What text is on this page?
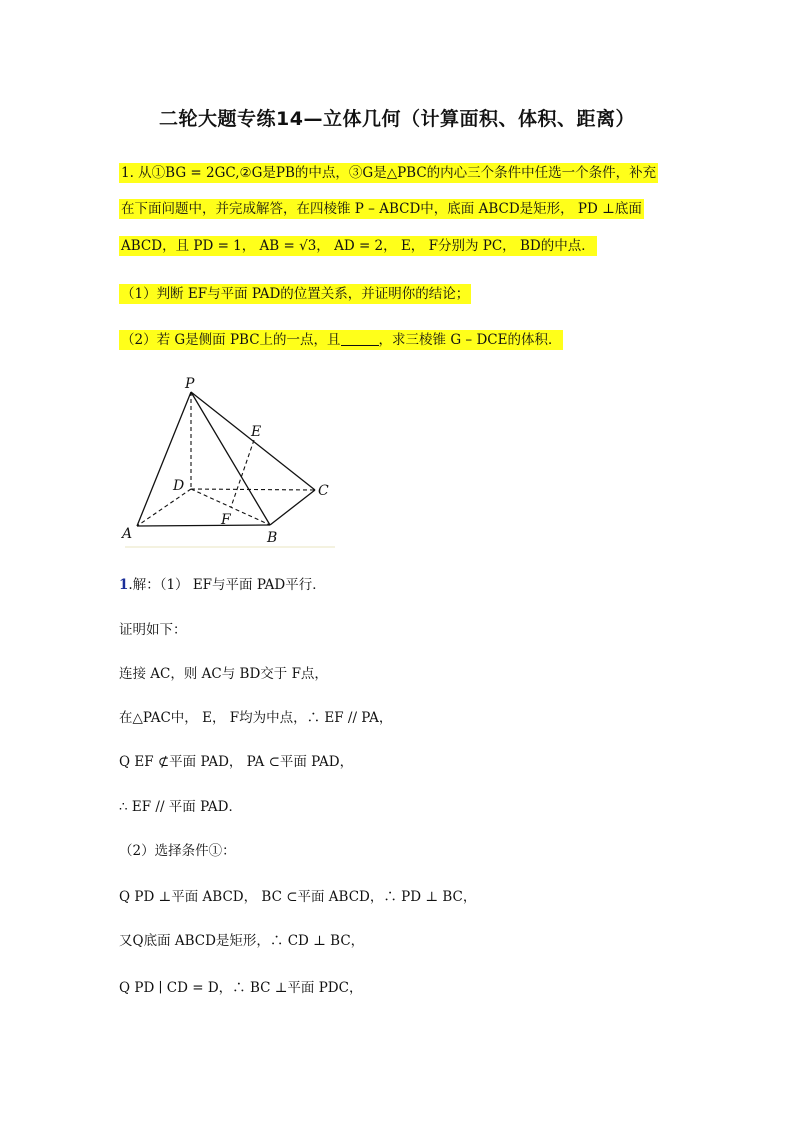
二轮大题专练14—立体几何（计算面积、体积、距离）
1. 从①BG = 2GC,②G是PB的中点，③G是△PBC的内心三个条件中任选一个条件，补充
在下面问题中，并完成解答，在四棱锥 P – ABCD中，底面 ABCD是矩形， PD ⊥底面
ABCD，且 PD = 1， AB = √3， AD = 2， E， F分别为 PC， BD的中点．
（1）判断 EF与平面 PAD的位置关系，并证明你的结论；
（2）若 G是侧面 PBC上的一点，且	，求三棱锥 G – DCE的体积．
P
E
D	C
F
A	B
1.解：（1） EF与平面 PAD平行．
证明如下：
连接 AC，则 AC与 BD交于 F点，
在△PAC中， E， F均为中点，∴ EF // PA，
Q EF ⊄平面 PAD， PA ⊂平面 PAD，
∴ EF // 平面 PAD．
（2）选择条件①：
Q PD ⊥平面 ABCD， BC ⊂平面 ABCD，∴ PD ⊥ BC，
又Q底面 ABCD是矩形，∴ CD ⊥ BC，
Q PD ∣ CD = D，∴ BC ⊥平面 PDC，
